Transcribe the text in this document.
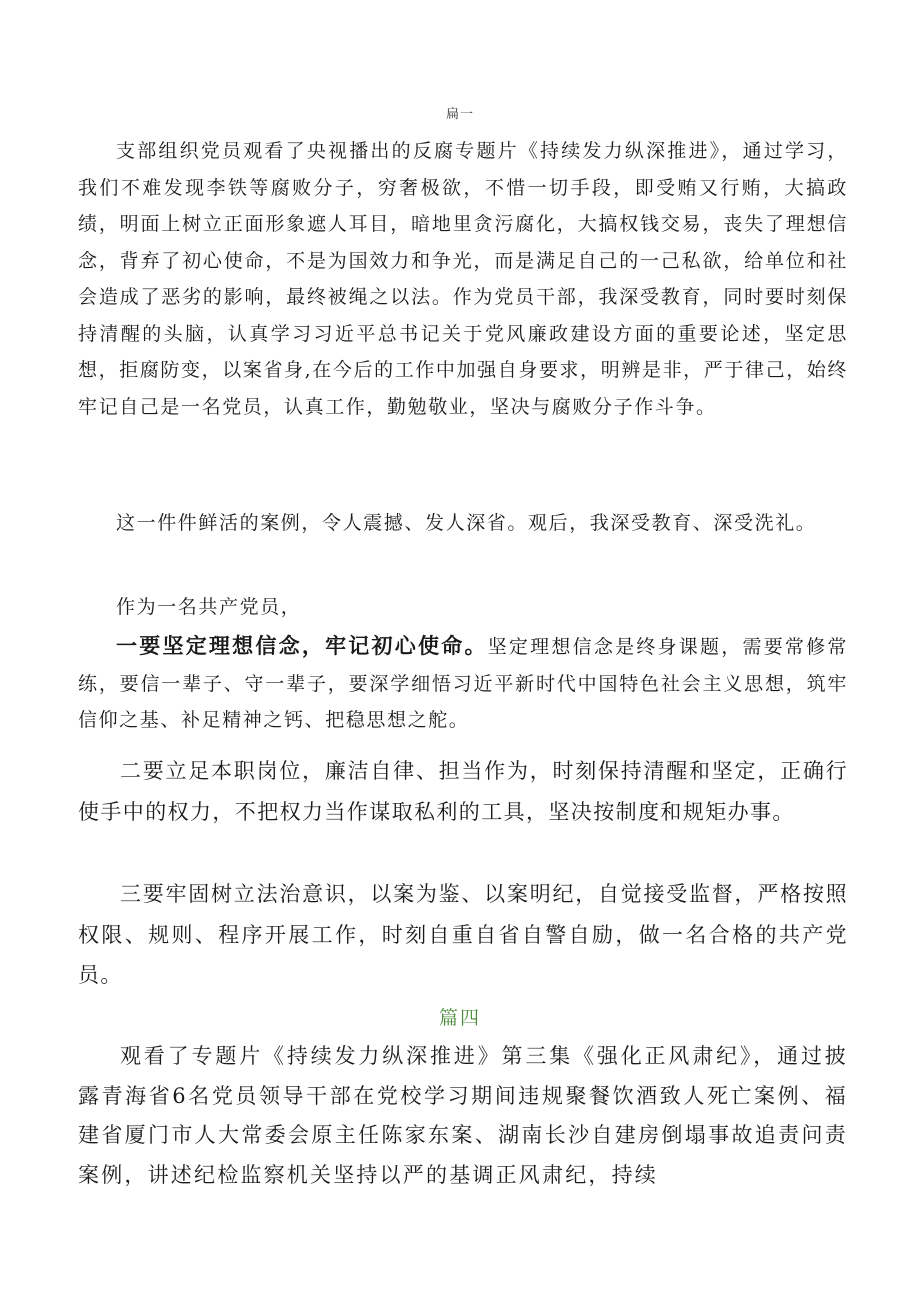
扁一

支部组织党员观看了央视播出的反腐专题片《持续发力纵深推进》，通过学习，我们不难发现李铁等腐败分子，穷奢极欲，不惜一切手段，即受贿又行贿，大搞政绩，明面上树立正面形象遮人耳目，暗地里贪污腐化，大搞权钱交易，丧失了理想信念，背弃了初心使命，不是为国效力和争光，而是满足自己的一己私欲，给单位和社会造成了恶劣的影响，最终被绳之以法。作为党员干部，我深受教育，同时要时刻保持清醒的头脑，认真学习习近平总书记关于党风廉政建设方面的重要论述，坚定思想，拒腐防变，以案省身,在今后的工作中加强自身要求，明辨是非，严于律己，始终牢记自己是一名党员，认真工作，勤勉敬业，坚决与腐败分子作斗争。

这一件件鲜活的案例，令人震撼、发人深省。观后，我深受教育、深受洗礼。

作为一名共产党员，

一要坚定理想信念，牢记初心使命。坚定理想信念是终身课题，需要常修常练，要信一辈子、守一辈子，要深学细悟习近平新时代中国特色社会主义思想，筑牢信仰之基、补足精神之钙、把稳思想之舵。

二要立足本职岗位，廉洁自律、担当作为，时刻保持清醒和坚定，正确行使手中的权力，不把权力当作谋取私利的工具，坚决按制度和规矩办事。

三要牢固树立法治意识，以案为鉴、以案明纪，自觉接受监督，严格按照权限、规则、程序开展工作，时刻自重自省自警自励，做一名合格的共产党员。

篇四

观看了专题片《持续发力纵深推进》第三集《强化正风肃纪》，通过披露青海省6名党员领导干部在党校学习期间违规聚餐饮酒致人死亡案例、福建省厦门市人大常委会原主任陈家东案、湖南长沙自建房倒塌事故追责问责案例，讲述纪检监察机关坚持以严的基调正风肃纪，持续
